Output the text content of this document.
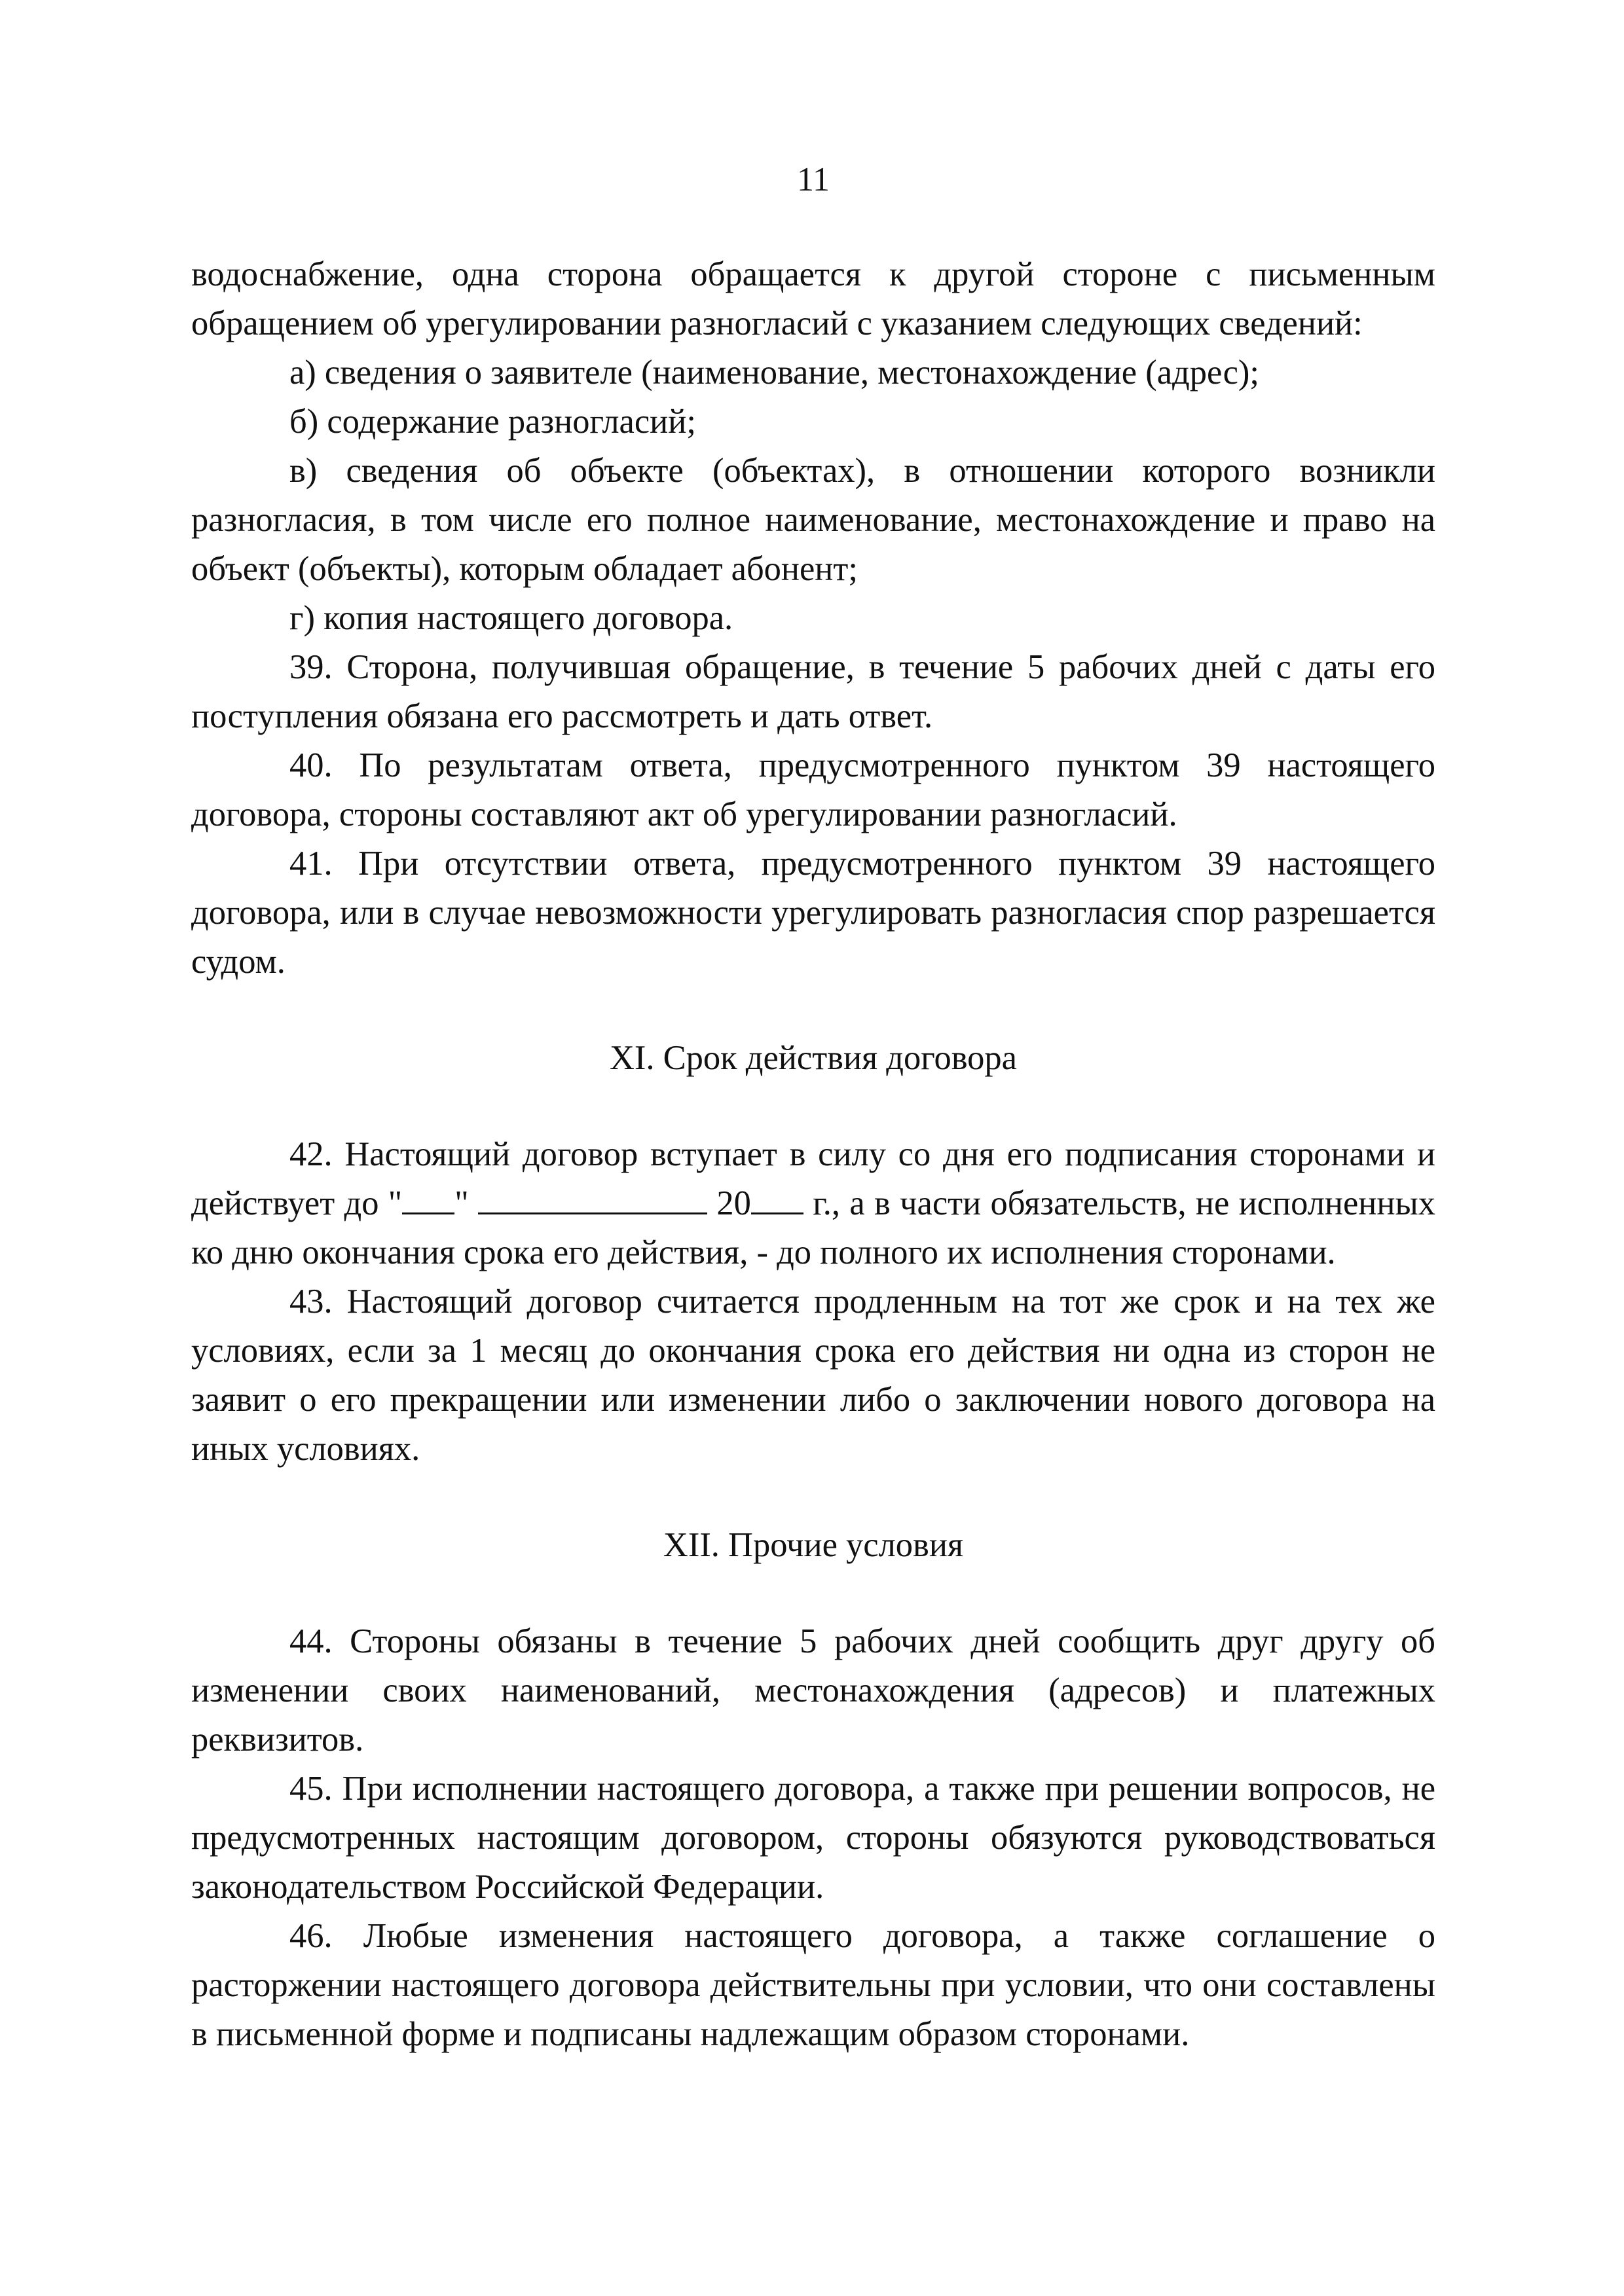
11

водоснабжение, одна сторона обращается к другой стороне с письменным обращением об урегулировании разногласий с указанием следующих сведений:

а) сведения о заявителе (наименование, местонахождение (адрес);

б) содержание разногласий;

в) сведения об объекте (объектах), в отношении которого возникли разногласия, в том числе его полное наименование, местонахождение и право на объект (объекты), которым обладает абонент;

г) копия настоящего договора.

39. Сторона, получившая обращение, в течение 5 рабочих дней с даты его поступления обязана его рассмотреть и дать ответ.

40. По результатам ответа, предусмотренного пунктом 39 настоящего договора, стороны составляют акт об урегулировании разногласий.

41. При отсутствии ответа, предусмотренного пунктом 39 настоящего договора, или в случае невозможности урегулировать разногласия спор разрешается судом.

XI. Срок действия договора

42. Настоящий договор вступает в силу со дня его подписания сторонами и действует до " "	20 г., а в части обязательств, не исполненных ко дню окончания срока его действия, - до полного их исполнения сторонами.

43. Настоящий договор считается продленным на тот же срок и на тех же условиях, если за 1 месяц до окончания срока его действия ни одна из сторон не заявит о его прекращении или изменении либо о заключении нового договора на иных условиях.

XII. Прочие условия

44. Стороны обязаны в течение 5 рабочих дней сообщить друг другу об изменении своих наименований, местонахождения (адресов) и платежных реквизитов.

45. При исполнении настоящего договора, а также при решении вопросов, не предусмотренных настоящим договором, стороны обязуются руководствоваться законодательством Российской Федерации.

46. Любые изменения настоящего договора, а также соглашение о расторжении настоящего договора действительны при условии, что они составлены в письменной форме и подписаны надлежащим образом сторонами.
